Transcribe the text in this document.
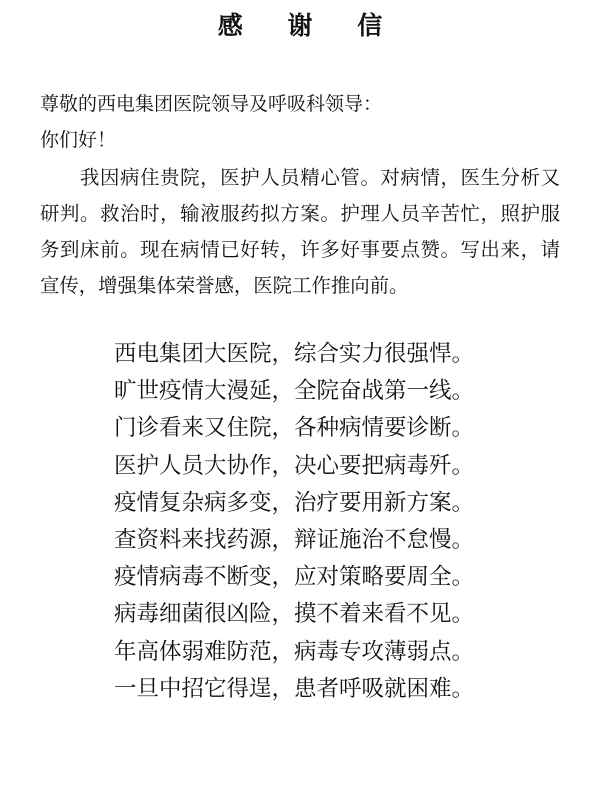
感 谢 信
尊敬的西电集团医院领导及呼吸科领导：
你们好！
我因病住贵院，医护人员精心管。对病情，医生分析又研判。救治时，输液服药拟方案。护理人员辛苦忙，照护服务到床前。现在病情已好转，许多好事要点赞。写出来，请宣传，增强集体荣誉感，医院工作推向前。
西电集团大医院，综合实力很强悍。
旷世疫情大漫延，全院奋战第一线。
门诊看来又住院，各种病情要诊断。
医护人员大协作，决心要把病毒歼。
疫情复杂病多变，治疗要用新方案。
查资料来找药源，辩证施治不怠慢。
疫情病毒不断变，应对策略要周全。
病毒细菌很凶险，摸不着来看不见。
年高体弱难防范，病毒专攻薄弱点。
一旦中招它得逞，患者呼吸就困难。
